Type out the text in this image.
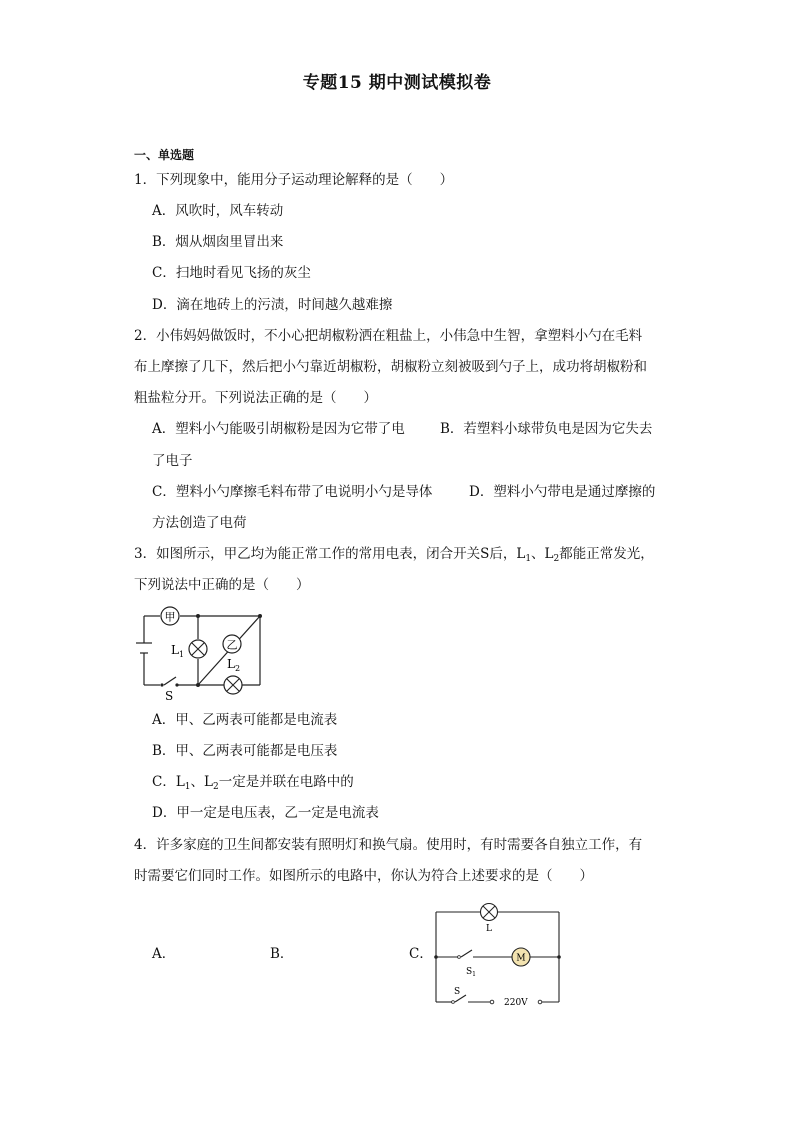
专题15 期中测试模拟卷
一、单选题
1．下列现象中，能用分子运动理论解释的是（　　）
A．风吹时，风车转动
B．烟从烟囱里冒出来
C．扫地时看见飞扬的灰尘
D．滴在地砖上的污渍，时间越久越难擦
2．小伟妈妈做饭时，不小心把胡椒粉洒在粗盐上，小伟急中生智，拿塑料小勺在毛料
布上摩擦了几下，然后把小勺靠近胡椒粉，胡椒粉立刻被吸到勺子上，成功将胡椒粉和
粗盐粒分开。下列说法正确的是（　　）
A．塑料小勺能吸引胡椒粉是因为它带了电	B．若塑料小球带负电是因为它失去
了电子
C．塑料小勺摩擦毛料布带了电说明小勺是导体	D．塑料小勺带电是通过摩擦的
方法创造了电荷
3．如图所示，甲乙均为能正常工作的常用电表，闭合开关S后，$L_1$、$L_2$都能正常发光，
下列说法中正确的是（　　）
甲
$L_1$
乙
$L_2$
S
A．甲、乙两表可能都是电流表
B．甲、乙两表可能都是电压表
C．$L_1$、$L_2$一定是并联在电路中的
D．甲一定是电压表，乙一定是电流表
4．许多家庭的卫生间都安装有照明灯和换气扇。使用时，有时需要各自独立工作，有
时需要它们同时工作。如图所示的电路中，你认为符合上述要求的是（　　）
A．	B．	C．
L
M
$S_1$
S
220V
